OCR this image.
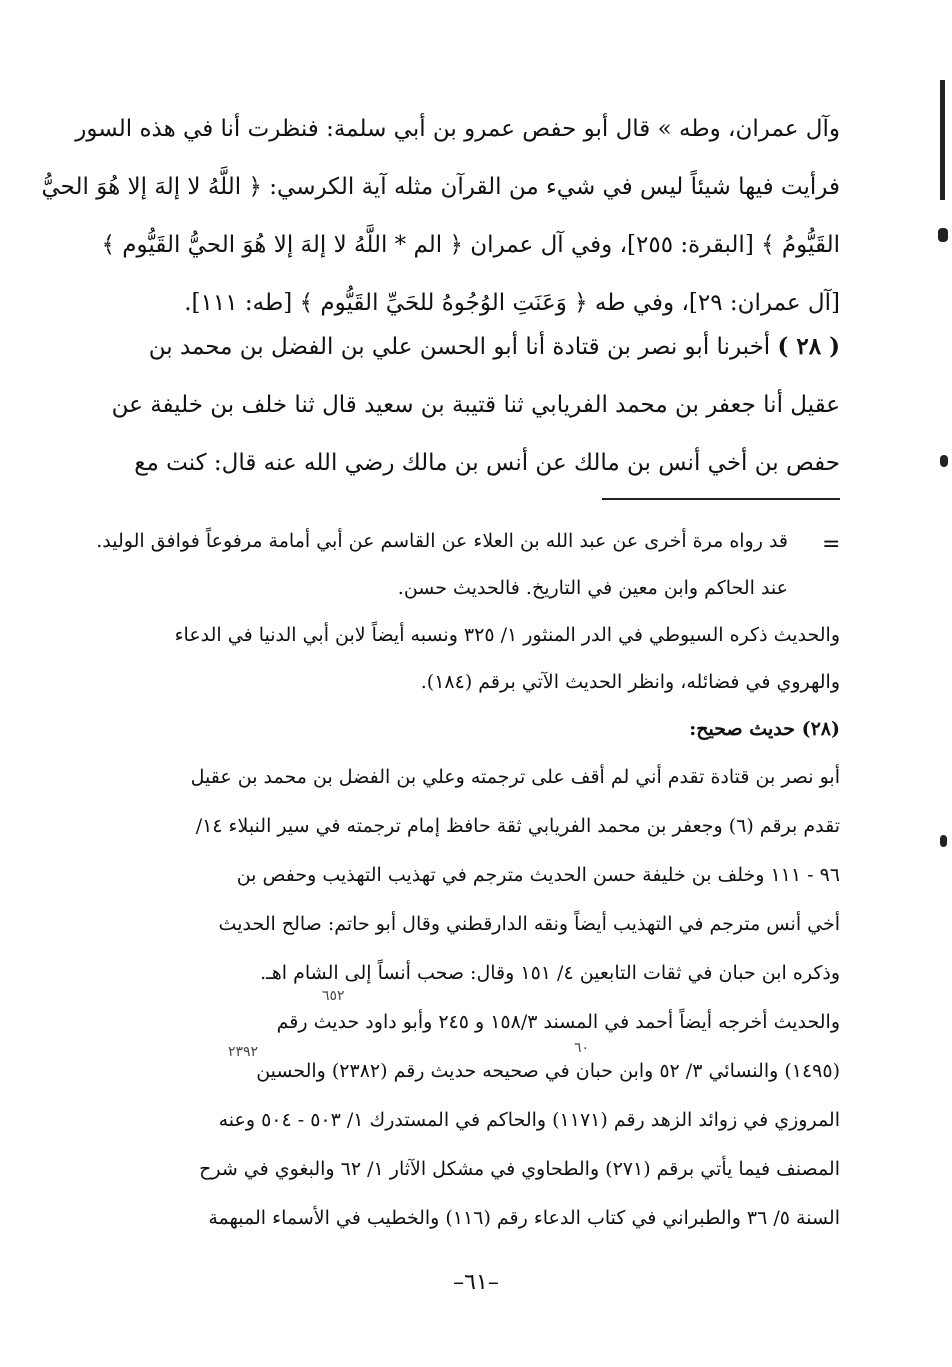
وآل عمران، وطه » قال أبو حفص عمرو بن أبي سلمة: فنظرت أنا في هذه السور
فرأيت فيها شيئاً ليس في شيء من القرآن مثله آية الكرسي: ﴿ اللَّهُ لا إلهَ إلا هُوَ الحيُّ
القَيُّومُ ﴾ [البقرة: ٢٥٥]، وفي آل عمران ﴿ الم * اللَّهُ لا إلهَ إلا هُوَ الحيُّ القَيُّوم ﴾
[آل عمران: ٢٩]، وفي طه ﴿ وَعَنَتِ الوُجُوهُ للحَيِّ القَيُّوم ﴾ [طه: ١١١].
( ٢٨ ) أخبرنا أبو نصر بن قتادة أنا أبو الحسن علي بن الفضل بن محمد بن
عقيل أنا جعفر بن محمد الفريابي ثنا قتيبة بن سعيد قال ثنا خلف بن خليفة عن
حفص بن أخي أنس بن مالك عن أنس بن مالك رضي الله عنه قال: كنت مع
=
قد رواه مرة أخرى عن عبد الله بن العلاء عن القاسم عن أبي أمامة مرفوعاً فوافق الوليد.
عند الحاكم وابن معين في التاريخ. فالحديث حسن.
والحديث ذكره السيوطي في الدر المنثور ١/ ٣٢٥ ونسبه أيضاً لابن أبي الدنيا في الدعاء
والهروي في فضائله، وانظر الحديث الآتي برقم (١٨٤).
(٢٨) حديث صحيح:
أبو نصر بن قتادة تقدم أني لم أقف على ترجمته وعلي بن الفضل بن محمد بن عقيل
تقدم برقم (٦) وجعفر بن محمد الفريابي ثقة حافظ إمام ترجمته في سير النبلاء ١٤/
٩٦ - ١١١ وخلف بن خليفة حسن الحديث مترجم في تهذيب التهذيب وحفص بن
أخي أنس مترجم في التهذيب أيضاً ونقه الدارقطني وقال أبو حاتم: صالح الحديث
وذكره ابن حبان في ثقات التابعين ٤/ ١٥١ وقال: صحب أنساً إلى الشام اهـ.
والحديث أخرجه أيضاً أحمد في المسند ١٥٨/٣ و ٢٤٥ وأبو داود حديث رقم
(١٤٩٥) والنسائي ٣/ ٥٢ وابن حبان في صحيحه حديث رقم (٢٣٨٢) والحسين
المروزي في زوائد الزهد رقم (١١٧١) والحاكم في المستدرك ١/ ٥٠٣ - ٥٠٤ وعنه
المصنف فيما يأتي برقم (٢٧١) والطحاوي في مشكل الآثار ١/ ٦٢ والبغوي في شرح
السنة ٥/ ٣٦ والطبراني في كتاب الدعاء رقم (١١٦) والخطيب في الأسماء المبهمة
٦٥٢
٦٠
٢٣٩٢
–٦١–
